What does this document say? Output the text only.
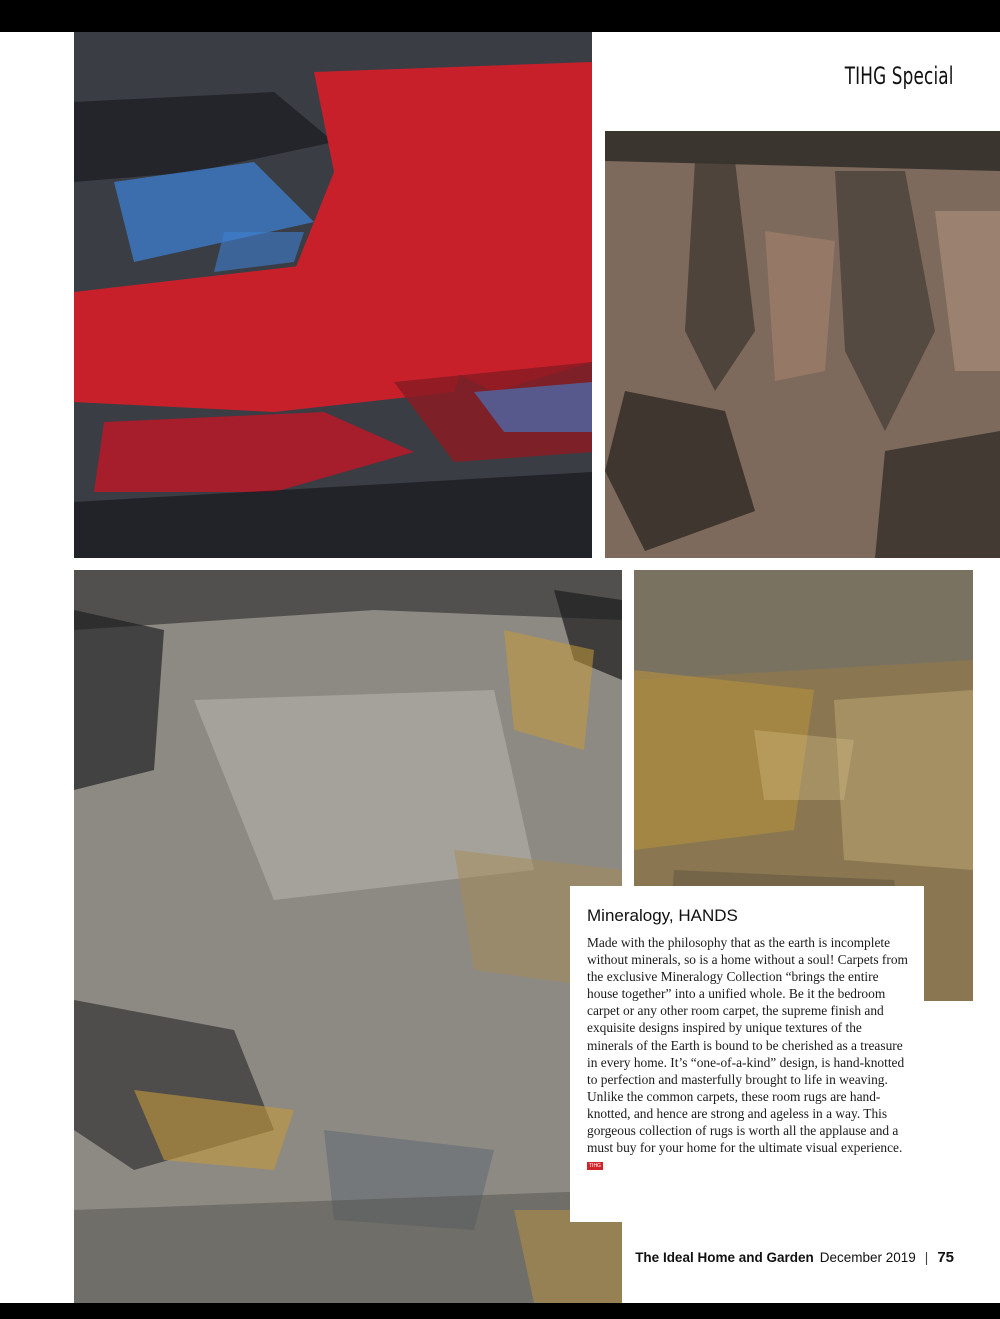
TIHG Special
Mineralogy, HANDS

Made with the philosophy that as the earth is incomplete without minerals, so is a home without a soul! Carpets from the exclusive Mineralogy Collection “brings the entire house together” into a unified whole. Be it the bedroom carpet or any other room carpet, the supreme finish and exquisite designs inspired by unique textures of the minerals of the Earth is bound to be cherished as a treasure in every home. It’s “one-of-a-kind” design, is hand-knotted to perfection and masterfully brought to life in weaving. Unlike the common carpets, these room rugs are hand-knotted, and hence are strong and ageless in a way. This gorgeous collection of rugs is worth all the applause and a must buy for your home for the ultimate visual experience. TIHG

The Ideal Home and Garden December 2019 | 75
